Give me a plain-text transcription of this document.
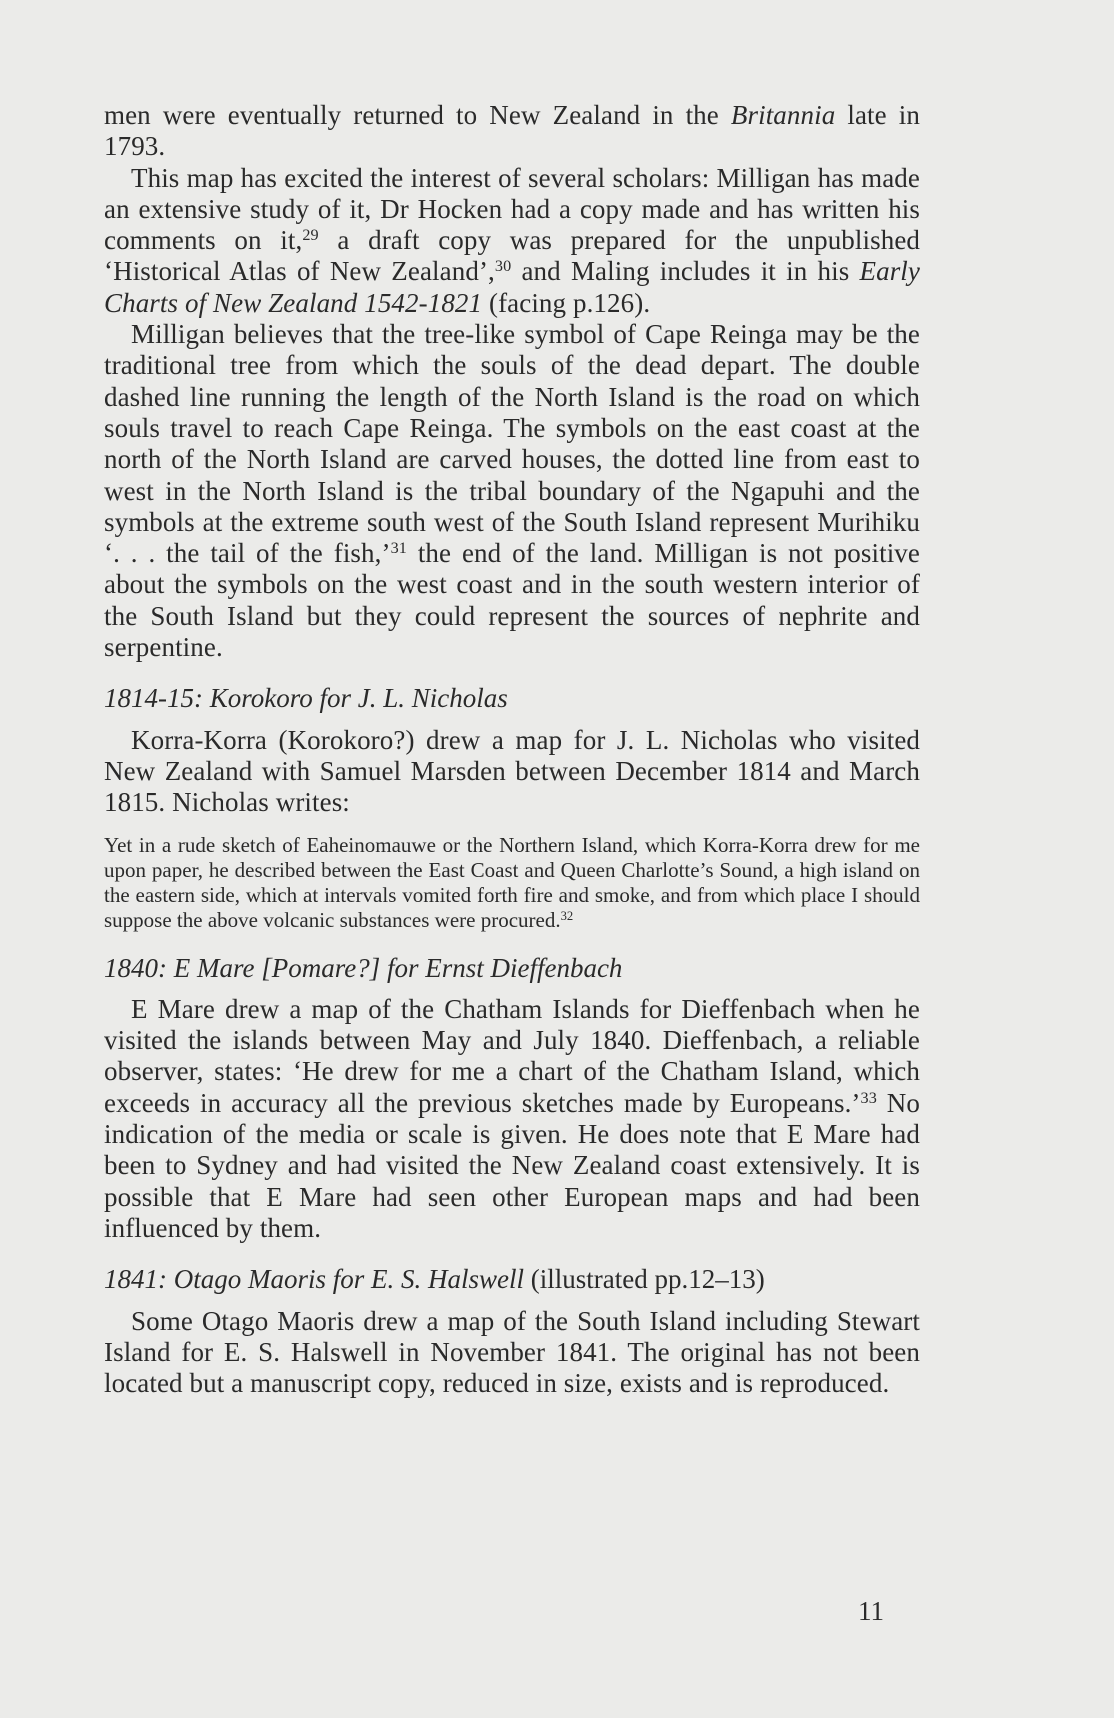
men were eventually returned to New Zealand in the Britannia late in 1793.

This map has excited the interest of several scholars: Milligan has made an extensive study of it, Dr Hocken had a copy made and has written his comments on it,$^{29}$ a draft copy was prepared for the unpublished ‘Historical Atlas of New Zealand’,$^{30}$ and Maling includes it in his Early Charts of New Zealand 1542-1821 (facing p.126).

Milligan believes that the tree-like symbol of Cape Reinga may be the traditional tree from which the souls of the dead depart. The double dashed line running the length of the North Island is the road on which souls travel to reach Cape Reinga. The symbols on the east coast at the north of the North Island are carved houses, the dotted line from east to west in the North Island is the tribal boundary of the Ngapuhi and the symbols at the extreme south west of the South Island represent Murihiku ‘. . . the tail of the fish,’$^{31}$ the end of the land. Milligan is not positive about the symbols on the west coast and in the south western interior of the South Island but they could represent the sources of nephrite and serpentine.

1814-15: Korokoro for J. L. Nicholas

Korra-Korra (Korokoro?) drew a map for J. L. Nicholas who visited New Zealand with Samuel Marsden between December 1814 and March 1815. Nicholas writes:

Yet in a rude sketch of Eaheinomauwe or the Northern Island, which Korra-Korra drew for me upon paper, he described between the East Coast and Queen Charlotte’s Sound, a high island on the eastern side, which at intervals vomited forth fire and smoke, and from which place I should suppose the above volcanic substances were procured.$^{32}$

1840: E Mare [Pomare?] for Ernst Dieffenbach

E Mare drew a map of the Chatham Islands for Dieffenbach when he visited the islands between May and July 1840. Dieffenbach, a reliable observer, states: ‘He drew for me a chart of the Chatham Island, which exceeds in accuracy all the previous sketches made by Europeans.’$^{33}$ No indication of the media or scale is given. He does note that E Mare had been to Sydney and had visited the New Zealand coast extensively. It is possible that E Mare had seen other European maps and had been influenced by them.

1841: Otago Maoris for E. S. Halswell (illustrated pp.12–13)

Some Otago Maoris drew a map of the South Island including Stewart Island for E. S. Halswell in November 1841. The original has not been located but a manuscript copy, reduced in size, exists and is reproduced.

11
